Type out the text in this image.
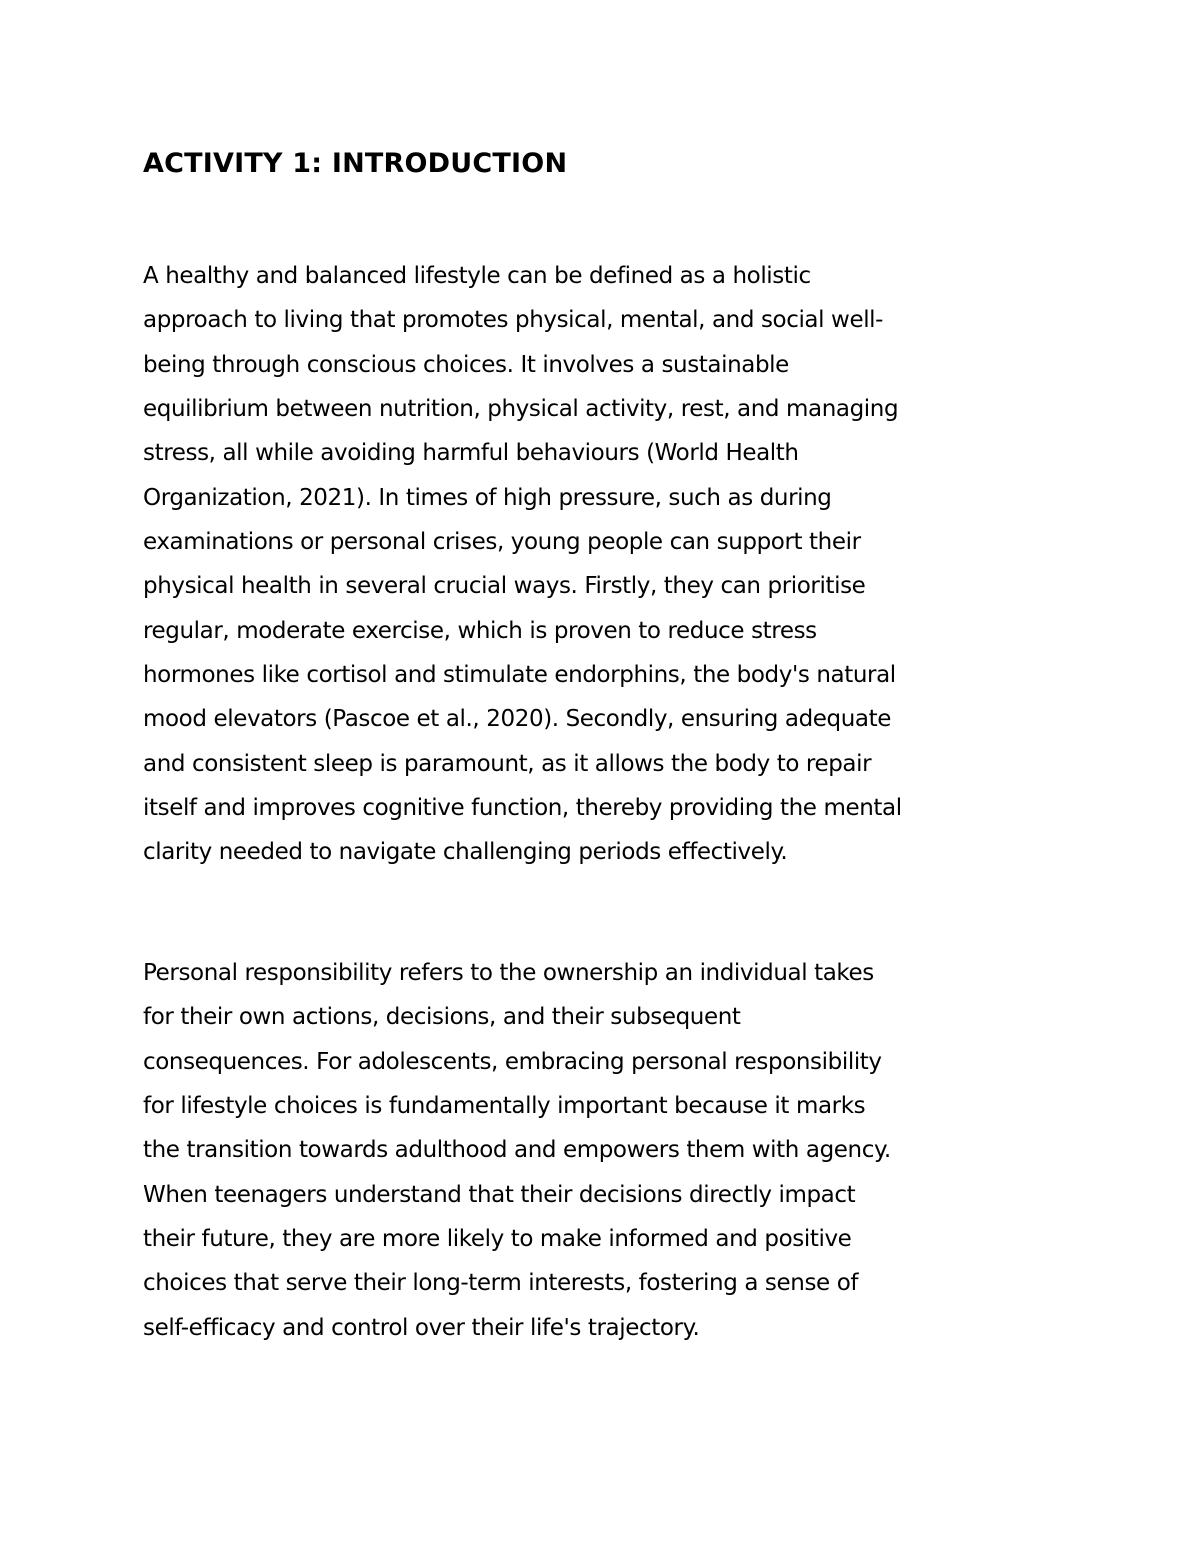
ACTIVITY 1: INTRODUCTION
A healthy and balanced lifestyle can be defined as a holistic
approach to living that promotes physical, mental, and social well-
being through conscious choices. It involves a sustainable
equilibrium between nutrition, physical activity, rest, and managing
stress, all while avoiding harmful behaviours (World Health
Organization, 2021). In times of high pressure, such as during
examinations or personal crises, young people can support their
physical health in several crucial ways. Firstly, they can prioritise
regular, moderate exercise, which is proven to reduce stress
hormones like cortisol and stimulate endorphins, the body's natural
mood elevators (Pascoe et al., 2020). Secondly, ensuring adequate
and consistent sleep is paramount, as it allows the body to repair
itself and improves cognitive function, thereby providing the mental
clarity needed to navigate challenging periods effectively.
Personal responsibility refers to the ownership an individual takes
for their own actions, decisions, and their subsequent
consequences. For adolescents, embracing personal responsibility
for lifestyle choices is fundamentally important because it marks
the transition towards adulthood and empowers them with agency.
When teenagers understand that their decisions directly impact
their future, they are more likely to make informed and positive
choices that serve their long-term interests, fostering a sense of
self-efficacy and control over their life's trajectory.
